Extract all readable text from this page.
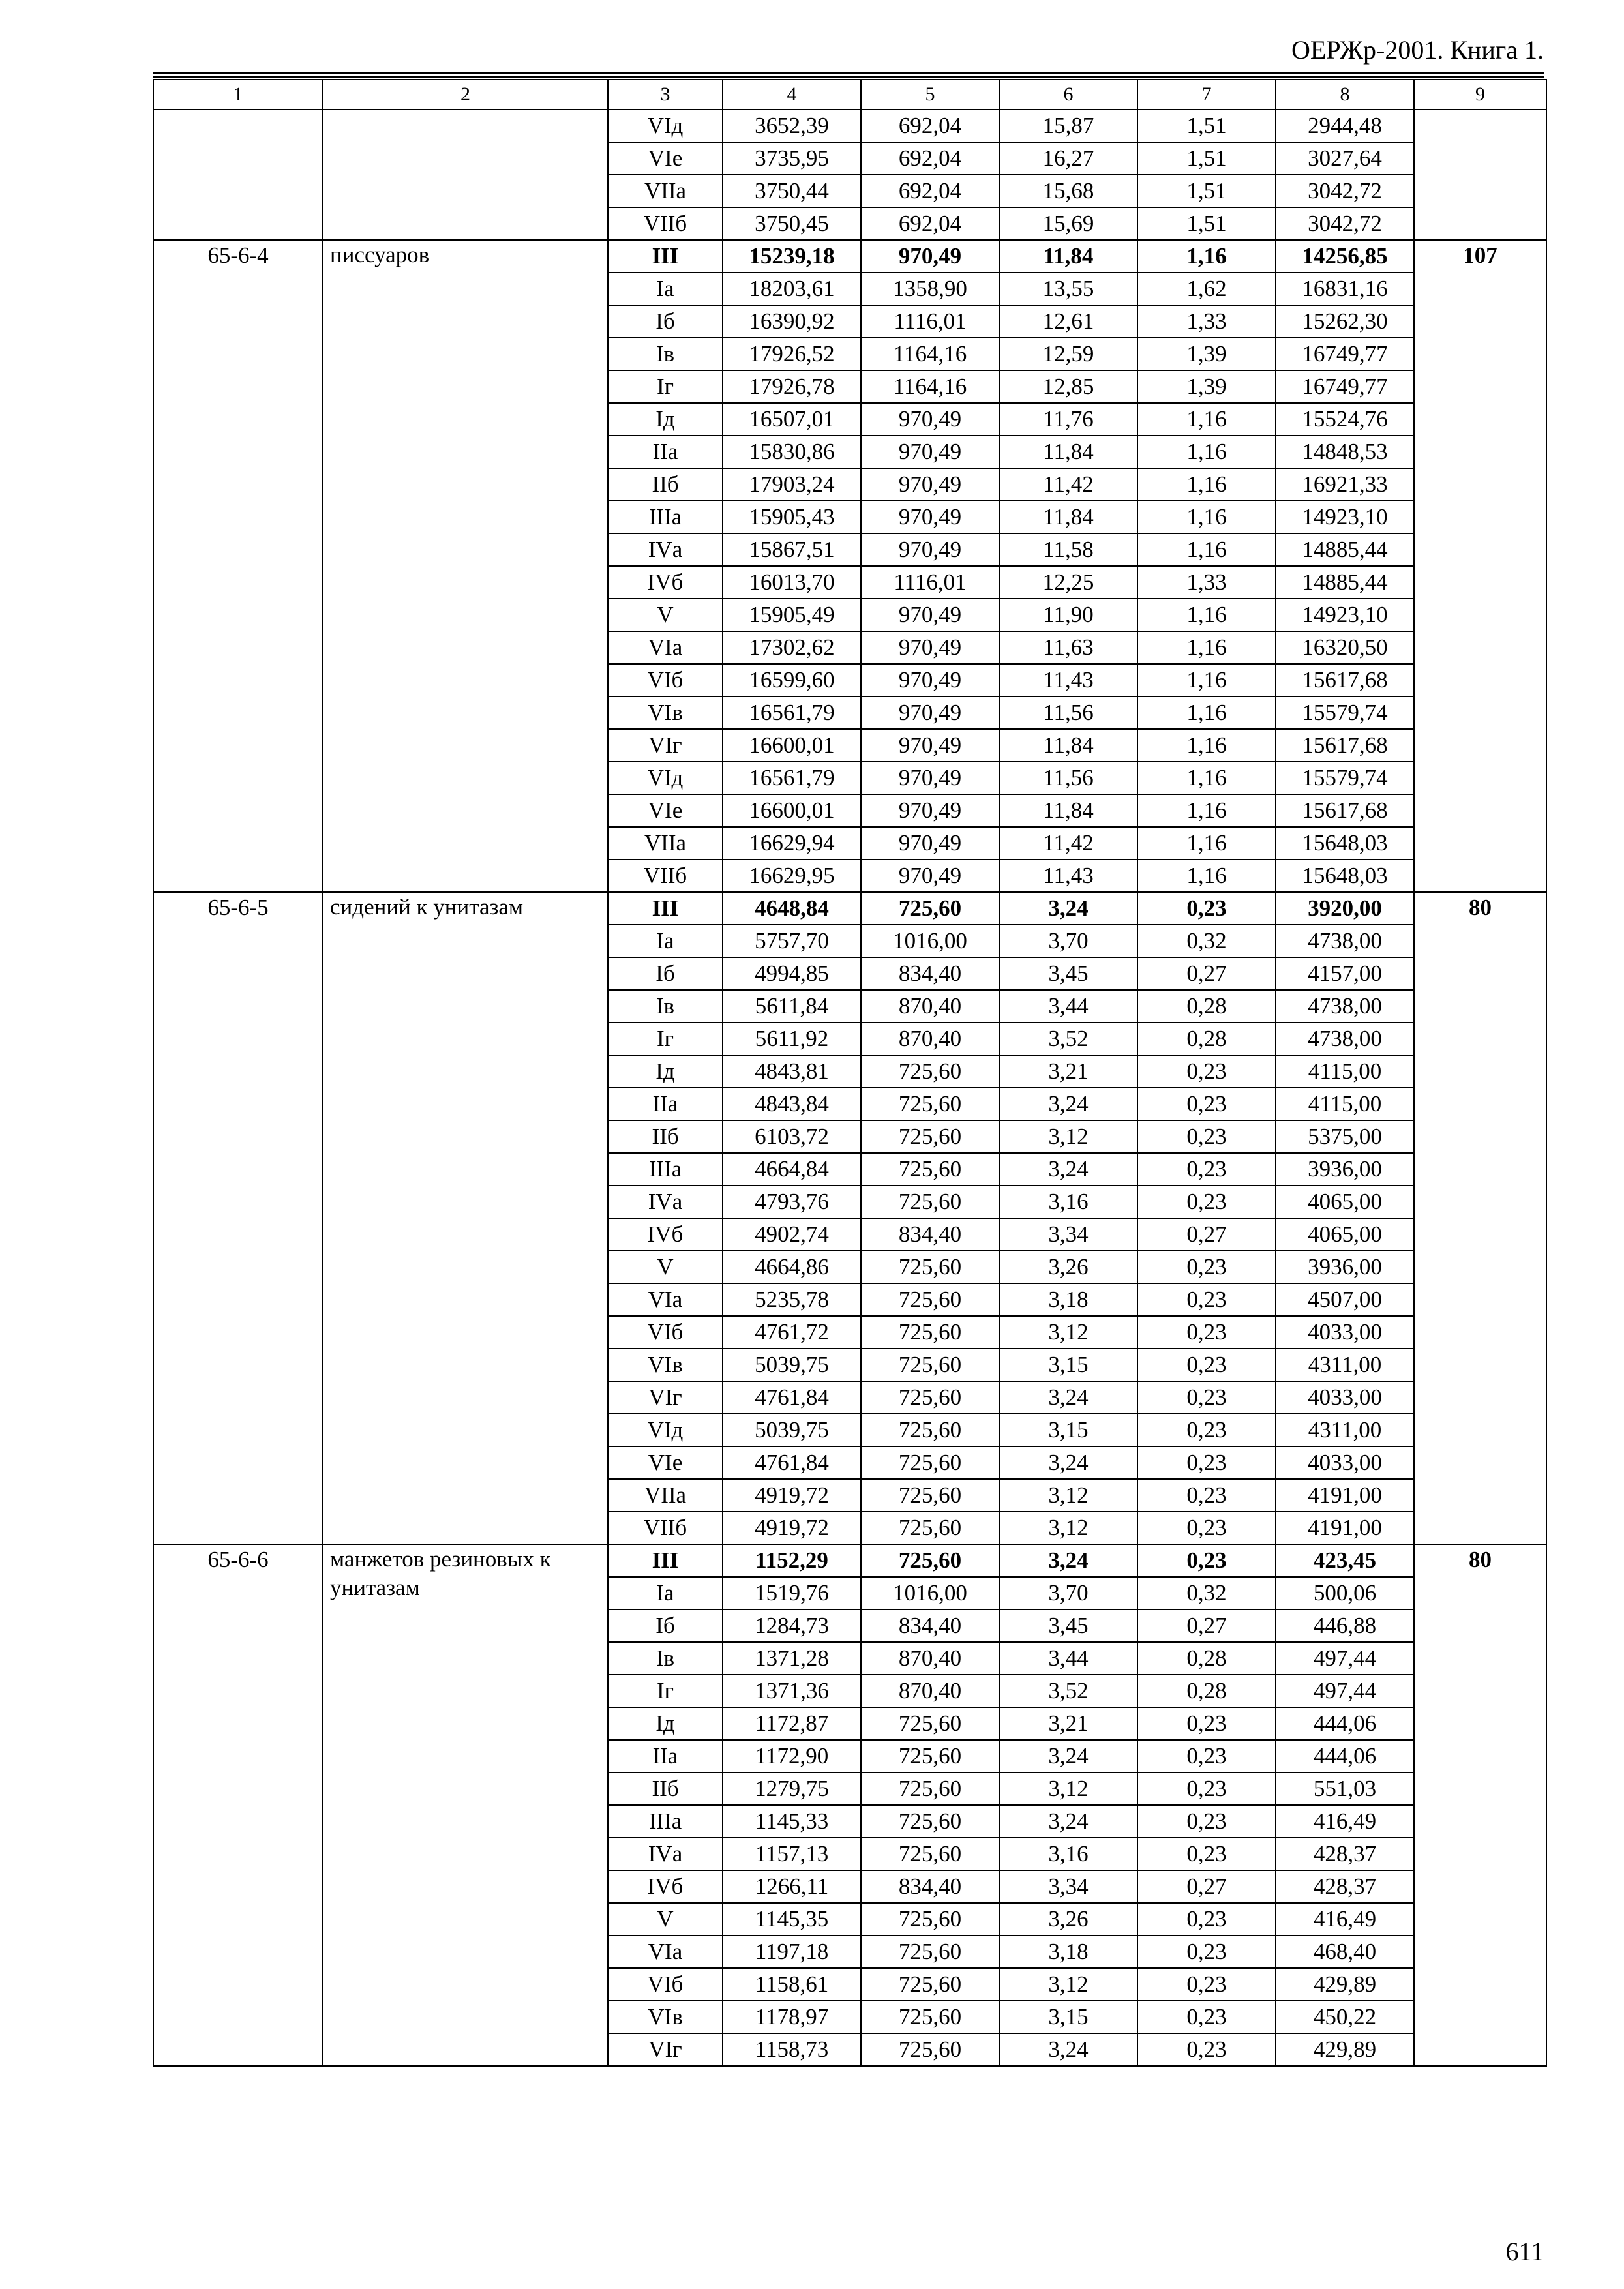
ОЕРЖр-2001. Книга 1.
1	2	3	4	5	6	7	8	9
		VIд	3652,39	692,04	15,87	1,51	2944,48	
		VIе	3735,95	692,04	16,27	1,51	3027,64	
		VIIа	3750,44	692,04	15,68	1,51	3042,72	
		VIIб	3750,45	692,04	15,69	1,51	3042,72	
65-6-4	писсуаров	III	15239,18	970,49	11,84	1,16	14256,85	107
		Iа	18203,61	1358,90	13,55	1,62	16831,16	
		Iб	16390,92	1116,01	12,61	1,33	15262,30	
		Iв	17926,52	1164,16	12,59	1,39	16749,77	
		Iг	17926,78	1164,16	12,85	1,39	16749,77	
		Iд	16507,01	970,49	11,76	1,16	15524,76	
		IIа	15830,86	970,49	11,84	1,16	14848,53	
		IIб	17903,24	970,49	11,42	1,16	16921,33	
		IIIа	15905,43	970,49	11,84	1,16	14923,10	
		IVа	15867,51	970,49	11,58	1,16	14885,44	
		IVб	16013,70	1116,01	12,25	1,33	14885,44	
		V	15905,49	970,49	11,90	1,16	14923,10	
		VIа	17302,62	970,49	11,63	1,16	16320,50	
		VIб	16599,60	970,49	11,43	1,16	15617,68	
		VIв	16561,79	970,49	11,56	1,16	15579,74	
		VIг	16600,01	970,49	11,84	1,16	15617,68	
		VIд	16561,79	970,49	11,56	1,16	15579,74	
		VIе	16600,01	970,49	11,84	1,16	15617,68	
		VIIа	16629,94	970,49	11,42	1,16	15648,03	
		VIIб	16629,95	970,49	11,43	1,16	15648,03	
65-6-5	сидений к унитазам	III	4648,84	725,60	3,24	0,23	3920,00	80
		Iа	5757,70	1016,00	3,70	0,32	4738,00	
		Iб	4994,85	834,40	3,45	0,27	4157,00	
		Iв	5611,84	870,40	3,44	0,28	4738,00	
		Iг	5611,92	870,40	3,52	0,28	4738,00	
		Iд	4843,81	725,60	3,21	0,23	4115,00	
		IIа	4843,84	725,60	3,24	0,23	4115,00	
		IIб	6103,72	725,60	3,12	0,23	5375,00	
		IIIа	4664,84	725,60	3,24	0,23	3936,00	
		IVа	4793,76	725,60	3,16	0,23	4065,00	
		IVб	4902,74	834,40	3,34	0,27	4065,00	
		V	4664,86	725,60	3,26	0,23	3936,00	
		VIа	5235,78	725,60	3,18	0,23	4507,00	
		VIб	4761,72	725,60	3,12	0,23	4033,00	
		VIв	5039,75	725,60	3,15	0,23	4311,00	
		VIг	4761,84	725,60	3,24	0,23	4033,00	
		VIд	5039,75	725,60	3,15	0,23	4311,00	
		VIе	4761,84	725,60	3,24	0,23	4033,00	
		VIIа	4919,72	725,60	3,12	0,23	4191,00	
		VIIб	4919,72	725,60	3,12	0,23	4191,00	
65-6-6	манжетов резиновых к унитазам	III	1152,29	725,60	3,24	0,23	423,45	80
		Iа	1519,76	1016,00	3,70	0,32	500,06	
		Iб	1284,73	834,40	3,45	0,27	446,88	
		Iв	1371,28	870,40	3,44	0,28	497,44	
		Iг	1371,36	870,40	3,52	0,28	497,44	
		Iд	1172,87	725,60	3,21	0,23	444,06	
		IIа	1172,90	725,60	3,24	0,23	444,06	
		IIб	1279,75	725,60	3,12	0,23	551,03	
		IIIа	1145,33	725,60	3,24	0,23	416,49	
		IVа	1157,13	725,60	3,16	0,23	428,37	
		IVб	1266,11	834,40	3,34	0,27	428,37	
		V	1145,35	725,60	3,26	0,23	416,49	
		VIа	1197,18	725,60	3,18	0,23	468,40	
		VIб	1158,61	725,60	3,12	0,23	429,89	
		VIв	1178,97	725,60	3,15	0,23	450,22	
		VIг	1158,73	725,60	3,24	0,23	429,89	
611
